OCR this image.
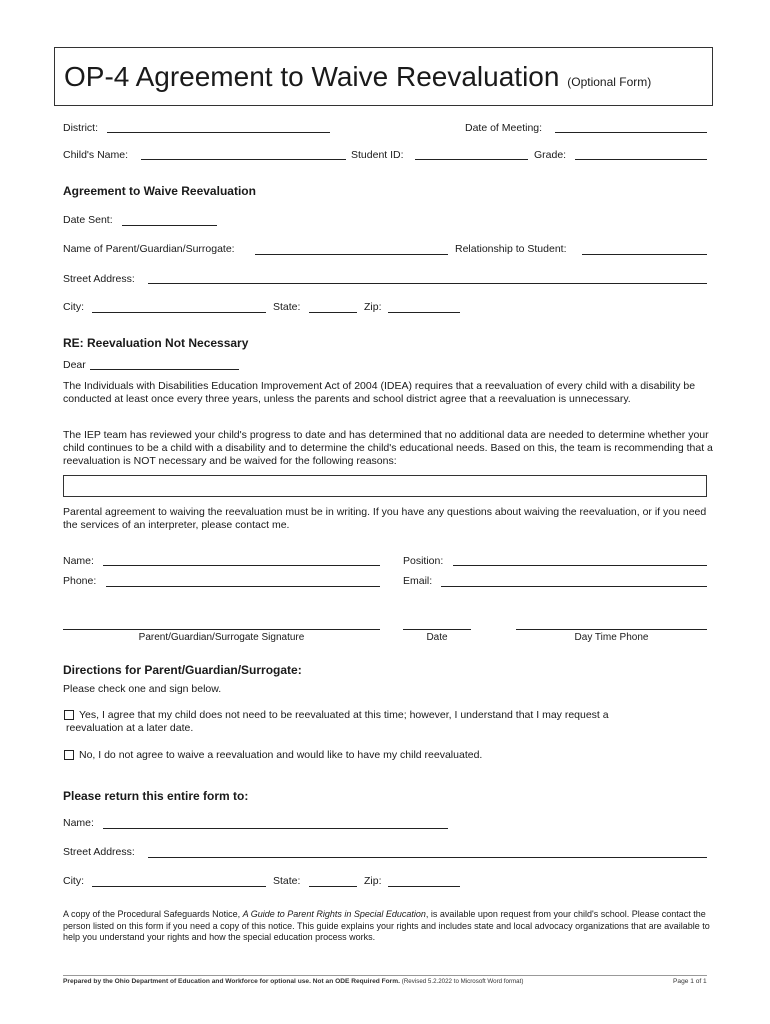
OP-4 Agreement to Waive Reevaluation (Optional Form)
District:	Date of Meeting:
Child's Name:	Student ID:	Grade:
Agreement to Waive Reevaluation
Date Sent:
Name of Parent/Guardian/Surrogate:	Relationship to Student:
Street Address:
City:	State:	Zip:
RE: Reevaluation Not Necessary
Dear
The Individuals with Disabilities Education Improvement Act of 2004 (IDEA) requires that a reevaluation of every child with a disability be conducted at least once every three years, unless the parents and school district agree that a reevaluation is unnecessary.
The IEP team has reviewed your child's progress to date and has determined that no additional data are needed to determine whether your child continues to be a child with a disability and to determine the child's educational needs. Based on this, the team is recommending that a reevaluation is NOT necessary and be waived for the following reasons:
Parental agreement to waiving the reevaluation must be in writing. If you have any questions about waiving the reevaluation, or if you need the services of an interpreter, please contact me.
Name:	Position:
Phone:	Email:
Parent/Guardian/Surrogate Signature	Date	Day Time Phone
Directions for Parent/Guardian/Surrogate:
Please check one and sign below.
Yes, I agree that my child does not need to be reevaluated at this time; however, I understand that I may request a
reevaluation at a later date.
No, I do not agree to waive a reevaluation and would like to have my child reevaluated.
Please return this entire form to:
Name:
Street Address:
City:	State:	Zip:
A copy of the Procedural Safeguards Notice, A Guide to Parent Rights in Special Education, is available upon request from your child's school. Please contact the person listed on this form if you need a copy of this notice. This guide explains your rights and includes state and local advocacy organizations that are available to help you understand your rights and how the special education process works.
Prepared by the Ohio Department of Education and Workforce for optional use. Not an ODE Required Form. (Revised 5.2.2022 to Microsoft Word format)	Page 1 of 1
